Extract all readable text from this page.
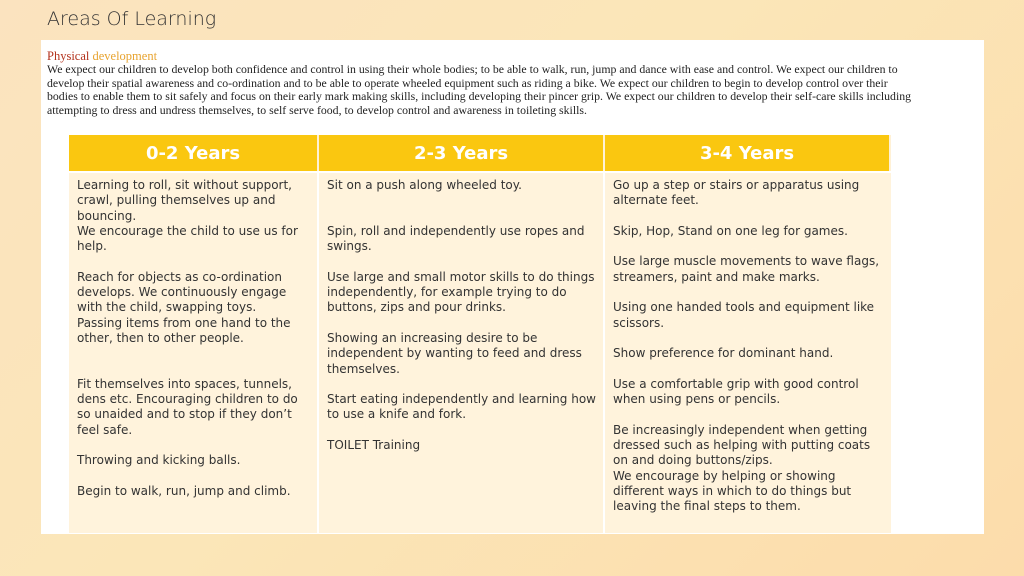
Areas Of Learning
Physical development
We expect our children to develop both confidence and control in using their whole bodies; to be able to walk, run, jump and dance with ease and control. We expect our children to develop their spatial awareness and co-ordination and to be able to operate wheeled equipment such as riding a bike. We expect our children to begin to develop control over their bodies to enable them to sit safely and focus on their early mark making skills, including developing their pincer grip. We expect our children to develop their self-care skills including attempting to dress and undress themselves, to self serve food, to develop control and awareness in toileting skills.
0-2 Years	2-3 Years	3-4 Years

Learning to roll, sit without support, crawl, pulling themselves up and bouncing.

We encourage the child to use us for help.

Reach for objects as co-ordination develops. We continuously engage with the child, swapping toys.

Passing items from one hand to the other, then to other people.

Fit themselves into spaces, tunnels, dens etc. Encouraging children to do so unaided and to stop if they don’t feel safe.

Throwing and kicking balls.

Begin to walk, run, jump and climb.

Sit on a push along wheeled toy.

Spin, roll and independently use ropes and swings.

Use large and small motor skills to do things independently, for example trying to do buttons, zips and pour drinks.

Showing an increasing desire to be independent by wanting to feed and dress themselves.

Start eating independently and learning how to use a knife and fork.

TOILET Training

Go up a step or stairs or apparatus using alternate feet.

Skip, Hop, Stand on one leg for games.

Use large muscle movements to wave flags, streamers, paint and make marks.

Using one handed tools and equipment like scissors.

Show preference for dominant hand.

Use a comfortable grip with good control when using pens or pencils.

Be increasingly independent when getting dressed such as helping with putting coats on and doing buttons/zips.

We encourage by helping or showing different ways in which to do things but leaving the final steps to them.
